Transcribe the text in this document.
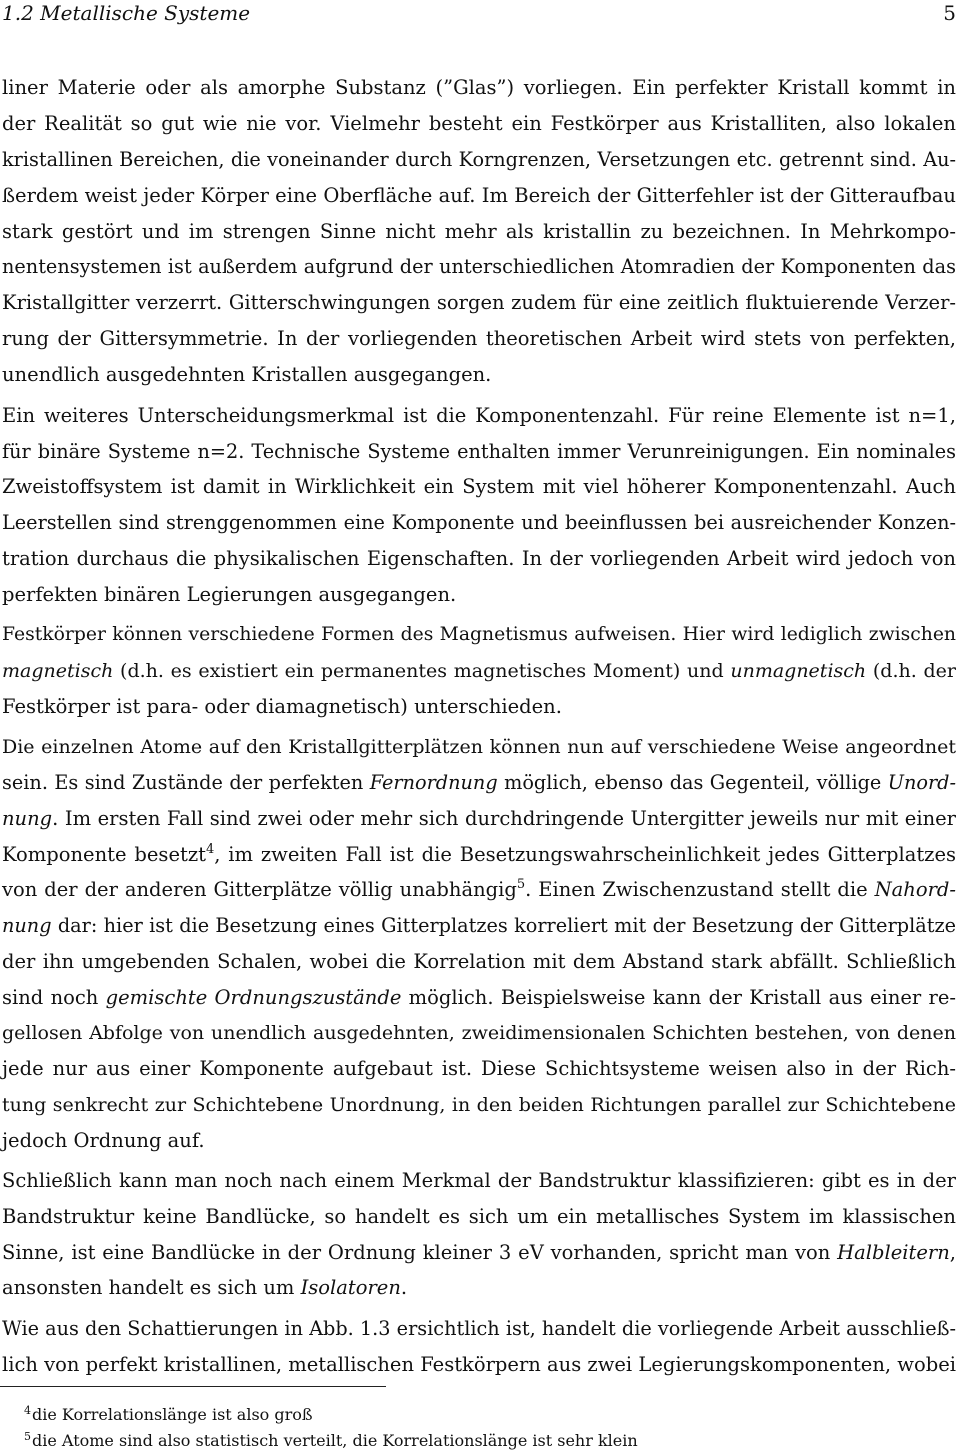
1.2 Metallische Systeme	5
liner Materie oder als amorphe Substanz (”Glas”) vorliegen. Ein perfekter Kristall kommt in
der Realität so gut wie nie vor. Vielmehr besteht ein Festkörper aus Kristalliten, also lokalen
kristallinen Bereichen, die voneinander durch Korngrenzen, Versetzungen etc. getrennt sind. Au-
ßerdem weist jeder Körper eine Oberfläche auf. Im Bereich der Gitterfehler ist der Gitteraufbau
stark gestört und im strengen Sinne nicht mehr als kristallin zu bezeichnen. In Mehrkompo-
nentensystemen ist außerdem aufgrund der unterschiedlichen Atomradien der Komponenten das
Kristallgitter verzerrt. Gitterschwingungen sorgen zudem für eine zeitlich fluktuierende Verzer-
rung der Gittersymmetrie. In der vorliegenden theoretischen Arbeit wird stets von perfekten,
unendlich ausgedehnten Kristallen ausgegangen.
Ein weiteres Unterscheidungsmerkmal ist die Komponentenzahl. Für reine Elemente ist n=1,
für binäre Systeme n=2. Technische Systeme enthalten immer Verunreinigungen. Ein nominales
Zweistoffsystem ist damit in Wirklichkeit ein System mit viel höherer Komponentenzahl. Auch
Leerstellen sind strenggenommen eine Komponente und beeinflussen bei ausreichender Konzen-
tration durchaus die physikalischen Eigenschaften. In der vorliegenden Arbeit wird jedoch von
perfekten binären Legierungen ausgegangen.
Festkörper können verschiedene Formen des Magnetismus aufweisen. Hier wird lediglich zwischen
magnetisch (d.h. es existiert ein permanentes magnetisches Moment) und unmagnetisch (d.h. der
Festkörper ist para- oder diamagnetisch) unterschieden.
Die einzelnen Atome auf den Kristallgitterplätzen können nun auf verschiedene Weise angeordnet
sein. Es sind Zustände der perfekten Fernordnung möglich, ebenso das Gegenteil, völlige Unord-
nung. Im ersten Fall sind zwei oder mehr sich durchdringende Untergitter jeweils nur mit einer
Komponente besetzt$^4$, im zweiten Fall ist die Besetzungswahrscheinlichkeit jedes Gitterplatzes
von der der anderen Gitterplätze völlig unabhängig$^5$. Einen Zwischenzustand stellt die Nahord-
nung dar: hier ist die Besetzung eines Gitterplatzes korreliert mit der Besetzung der Gitterplätze
der ihn umgebenden Schalen, wobei die Korrelation mit dem Abstand stark abfällt. Schließlich
sind noch gemischte Ordnungszustände möglich. Beispielsweise kann der Kristall aus einer re-
gellosen Abfolge von unendlich ausgedehnten, zweidimensionalen Schichten bestehen, von denen
jede nur aus einer Komponente aufgebaut ist. Diese Schichtsysteme weisen also in der Rich-
tung senkrecht zur Schichtebene Unordnung, in den beiden Richtungen parallel zur Schichtebene
jedoch Ordnung auf.
Schließlich kann man noch nach einem Merkmal der Bandstruktur klassifizieren: gibt es in der
Bandstruktur keine Bandlücke, so handelt es sich um ein metallisches System im klassischen
Sinne, ist eine Bandlücke in der Ordnung kleiner 3 eV vorhanden, spricht man von Halbleitern,
ansonsten handelt es sich um Isolatoren.
Wie aus den Schattierungen in Abb. 1.3 ersichtlich ist, handelt die vorliegende Arbeit ausschließ-
lich von perfekt kristallinen, metallischen Festkörpern aus zwei Legierungskomponenten, wobei
$^4$die Korrelationslänge ist also groß
$^5$die Atome sind also statistisch verteilt, die Korrelationslänge ist sehr klein
